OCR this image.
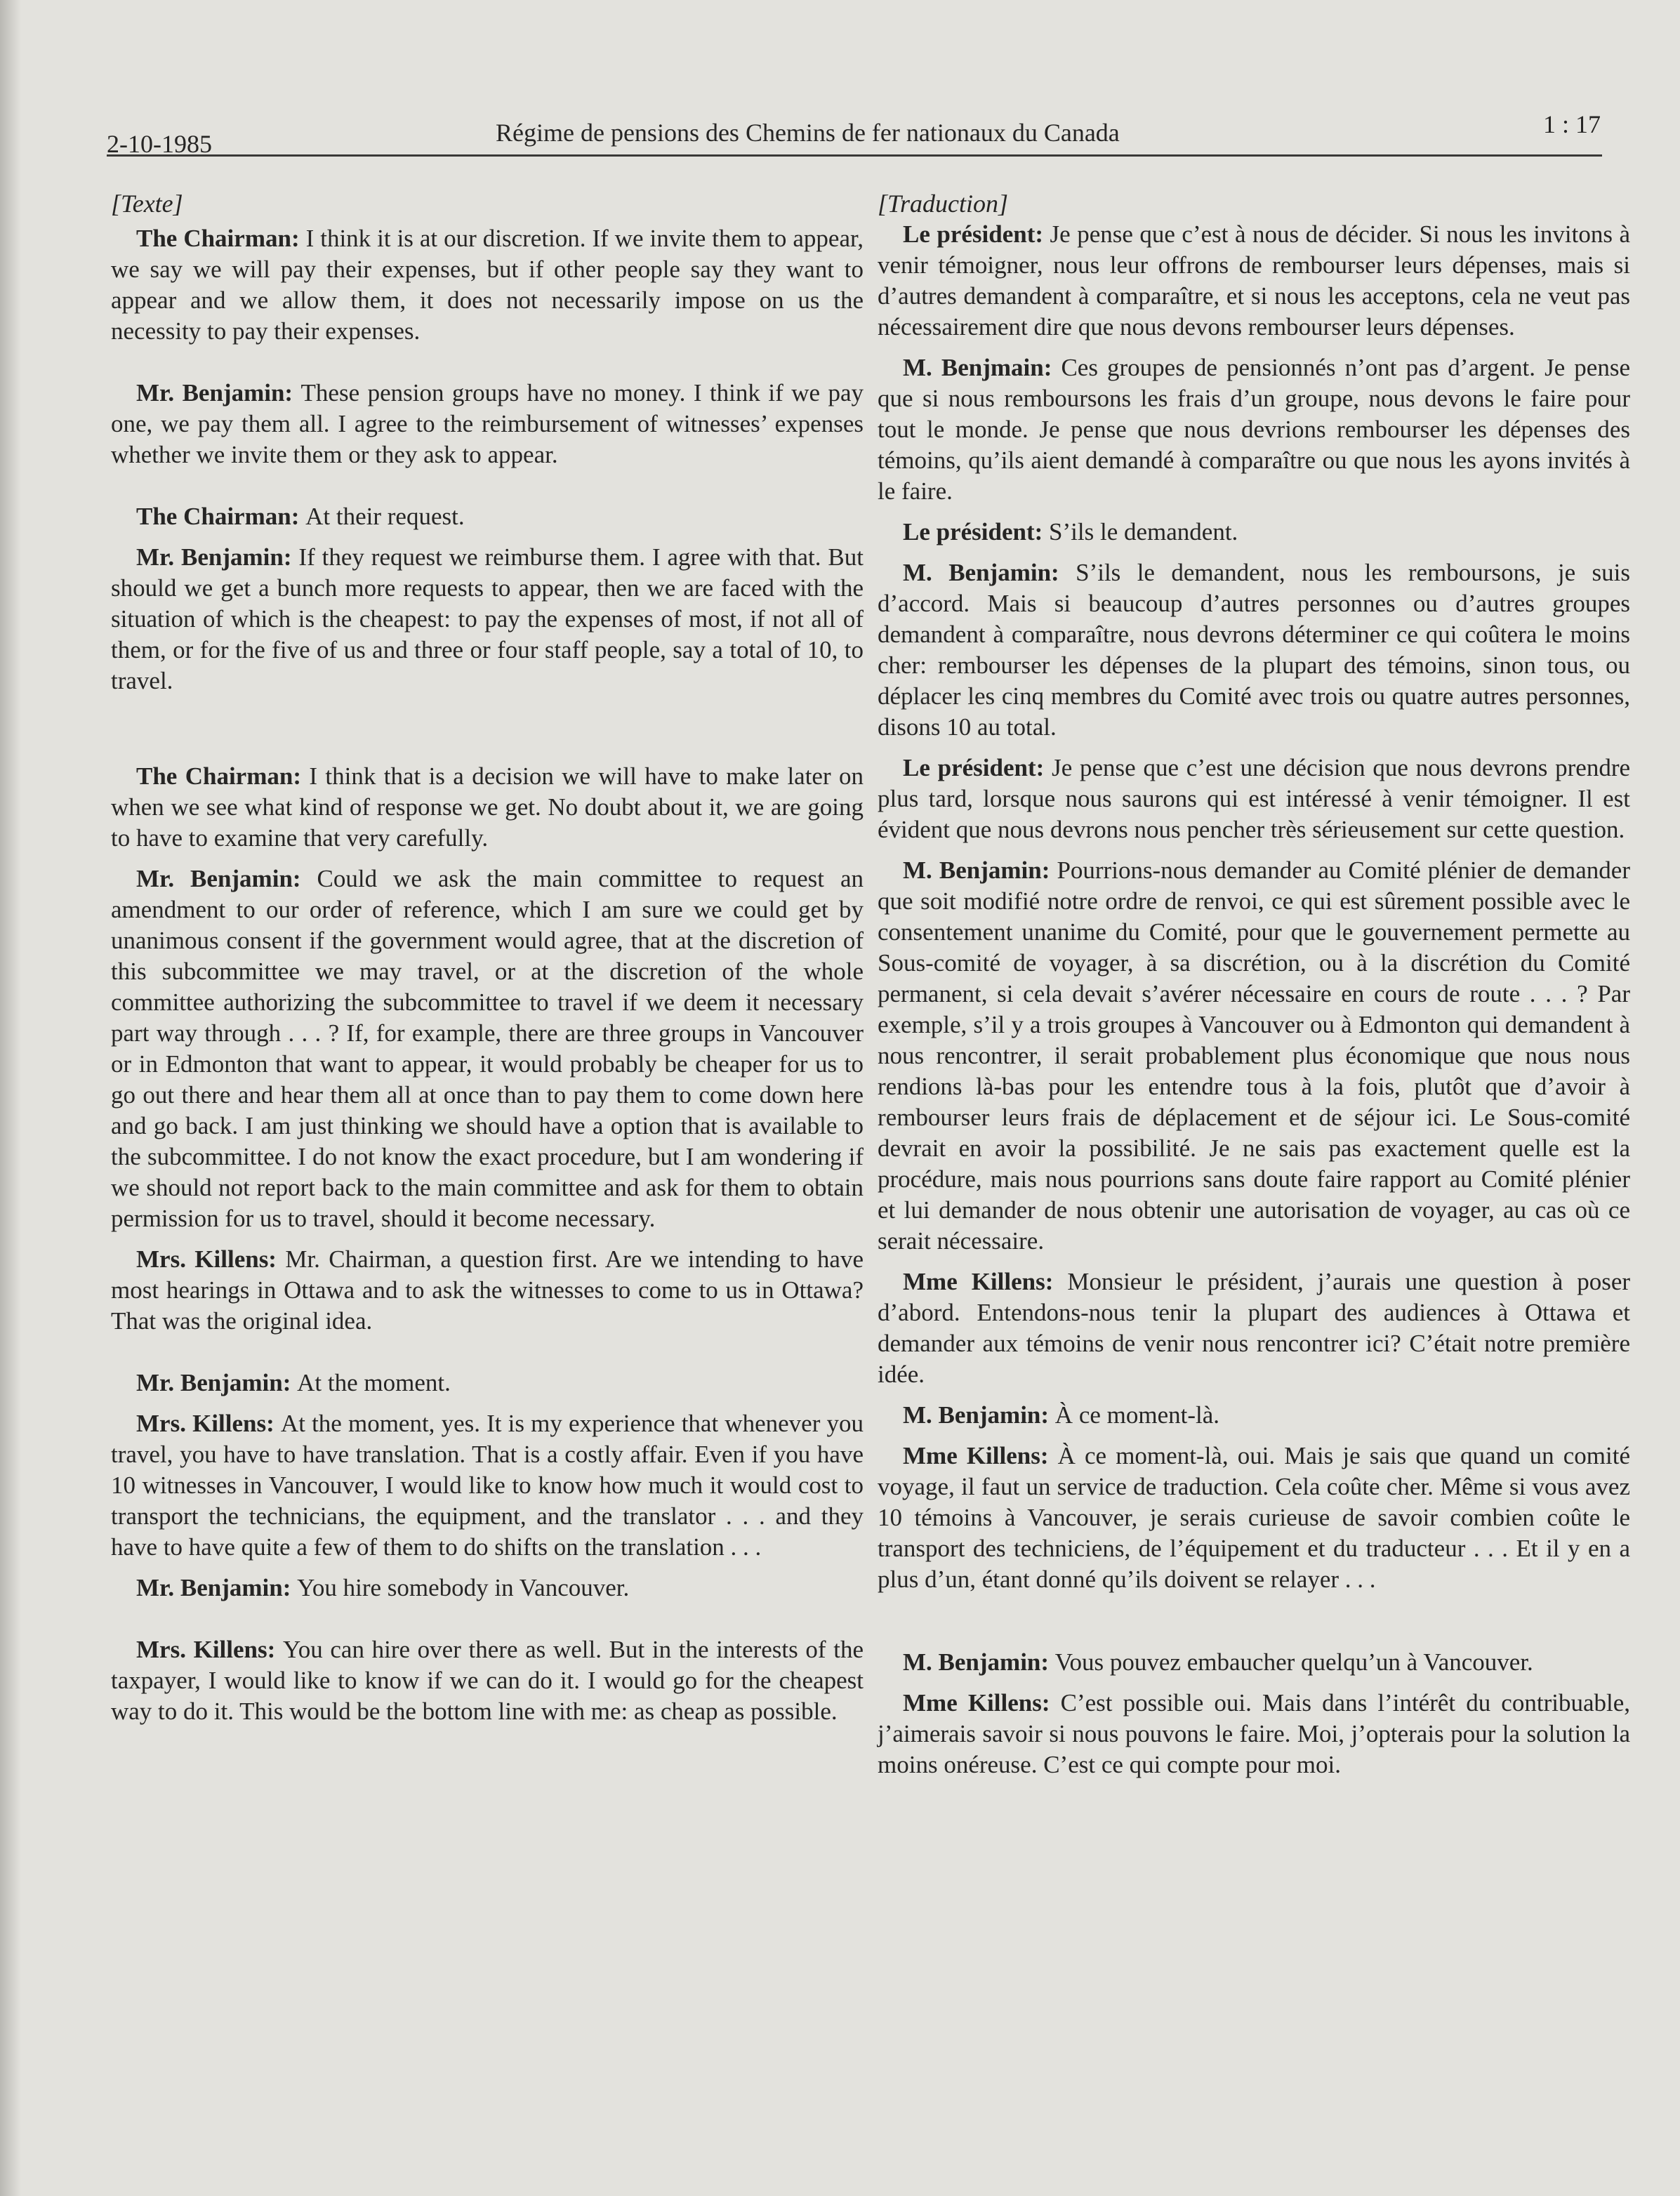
2-10-1985	Régime de pensions des Chemins de fer nationaux du Canada	1 : 17
[Texte]

The Chairman: I think it is at our discretion. If we invite them to appear, we say we will pay their expenses, but if other people say they want to appear and we allow them, it does not necessarily impose on us the necessity to pay their expenses.

Mr. Benjamin: These pension groups have no money. I think if we pay one, we pay them all. I agree to the reimbursement of witnesses’ expenses whether we invite them or they ask to appear.

The Chairman: At their request.

Mr. Benjamin: If they request we reimburse them. I agree with that. But should we get a bunch more requests to appear, then we are faced with the situation of which is the cheapest: to pay the expenses of most, if not all of them, or for the five of us and three or four staff people, say a total of 10, to travel.

The Chairman: I think that is a decision we will have to make later on when we see what kind of response we get. No doubt about it, we are going to have to examine that very carefully.

Mr. Benjamin: Could we ask the main committee to request an amendment to our order of reference, which I am sure we could get by unanimous consent if the government would agree, that at the discretion of this subcommittee we may travel, or at the discretion of the whole committee authorizing the subcommittee to travel if we deem it necessary part way through . . . ? If, for example, there are three groups in Vancouver or in Edmonton that want to appear, it would probably be cheaper for us to go out there and hear them all at once than to pay them to come down here and go back. I am just thinking we should have a option that is available to the subcommittee. I do not know the exact procedure, but I am wondering if we should not report back to the main committee and ask for them to obtain permission for us to travel, should it become necessary.

Mrs. Killens: Mr. Chairman, a question first. Are we intending to have most hearings in Ottawa and to ask the witnesses to come to us in Ottawa? That was the original idea.

Mr. Benjamin: At the moment.

Mrs. Killens: At the moment, yes. It is my experience that whenever you travel, you have to have translation. That is a costly affair. Even if you have 10 witnesses in Vancouver, I would like to know how much it would cost to transport the technicians, the equipment, and the translator . . . and they have to have quite a few of them to do shifts on the translation . . .

Mr. Benjamin: You hire somebody in Vancouver.

Mrs. Killens: You can hire over there as well. But in the interests of the taxpayer, I would like to know if we can do it. I would go for the cheapest way to do it. This would be the bottom line with me: as cheap as possible.

[Traduction]

Le président: Je pense que c’est à nous de décider. Si nous les invitons à venir témoigner, nous leur offrons de rembourser leurs dépenses, mais si d’autres demandent à comparaître, et si nous les acceptons, cela ne veut pas nécessairement dire que nous devons rembourser leurs dépenses.

M. Benjmain: Ces groupes de pensionnés n’ont pas d’argent. Je pense que si nous remboursons les frais d’un groupe, nous devons le faire pour tout le monde. Je pense que nous devrions rembourser les dépenses des témoins, qu’ils aient demandé à comparaître ou que nous les ayons invités à le faire.

Le président: S’ils le demandent.

M. Benjamin: S’ils le demandent, nous les remboursons, je suis d’accord. Mais si beaucoup d’autres personnes ou d’autres groupes demandent à comparaître, nous devrons déterminer ce qui coûtera le moins cher: rembourser les dépenses de la plupart des témoins, sinon tous, ou déplacer les cinq membres du Comité avec trois ou quatre autres personnes, disons 10 au total.

Le président: Je pense que c’est une décision que nous devrons prendre plus tard, lorsque nous saurons qui est intéressé à venir témoigner. Il est évident que nous devrons nous pencher très sérieusement sur cette question.

M. Benjamin: Pourrions-nous demander au Comité plénier de demander que soit modifié notre ordre de renvoi, ce qui est sûrement possible avec le consentement unanime du Comité, pour que le gouvernement permette au Sous-comité de voyager, à sa discrétion, ou à la discrétion du Comité permanent, si cela devait s’avérer nécessaire en cours de route . . . ? Par exemple, s’il y a trois groupes à Vancouver ou à Edmonton qui demandent à nous rencontrer, il serait probablement plus économique que nous nous rendions là-bas pour les entendre tous à la fois, plutôt que d’avoir à rembourser leurs frais de déplacement et de séjour ici. Le Sous-comité devrait en avoir la possibilité. Je ne sais pas exactement quelle est la procédure, mais nous pourrions sans doute faire rapport au Comité plénier et lui demander de nous obtenir une autorisation de voyager, au cas où ce serait nécessaire.

Mme Killens: Monsieur le président, j’aurais une question à poser d’abord. Entendons-nous tenir la plupart des audiences à Ottawa et demander aux témoins de venir nous rencontrer ici? C’était notre première idée.

M. Benjamin: À ce moment-là.

Mme Killens: À ce moment-là, oui. Mais je sais que quand un comité voyage, il faut un service de traduction. Cela coûte cher. Même si vous avez 10 témoins à Vancouver, je serais curieuse de savoir combien coûte le transport des techniciens, de l’équipement et du traducteur . . . Et il y en a plus d’un, étant donné qu’ils doivent se relayer . . .

M. Benjamin: Vous pouvez embaucher quelqu’un à Vancouver.

Mme Killens: C’est possible oui. Mais dans l’intérêt du contribuable, j’aimerais savoir si nous pouvons le faire. Moi, j’opterais pour la solution la moins onéreuse. C’est ce qui compte pour moi.
